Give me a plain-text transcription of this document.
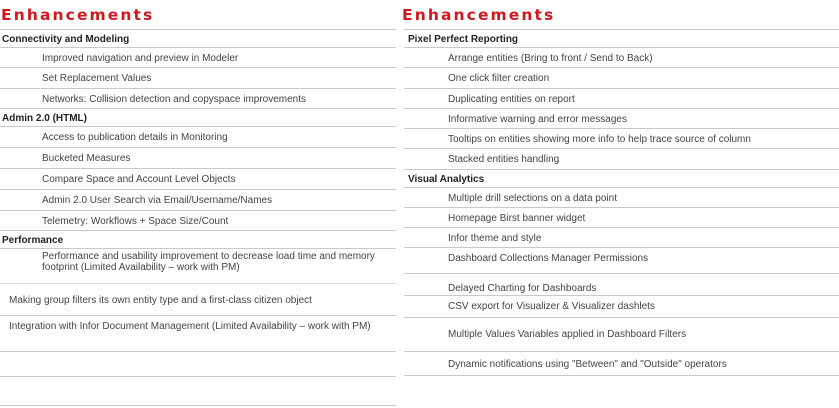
Enhancements
Connectivity and Modeling
Improved navigation and preview in Modeler
Set Replacement Values
Networks: Collision detection and copyspace improvements
Admin 2.0 (HTML)
Access to publication details in Monitoring
Bucketed Measures
Compare Space and Account Level Objects
Admin 2.0 User Search via Email/Username/Names
Telemetry: Workflows + Space Size/Count
Performance
Performance and usability improvement to decrease load time and memory footprint (Limited Availability – work with PM)
Making group filters its own entity type and a first-class citizen object
Integration with Infor Document Management (Limited Availability – work with PM)
Enhancements
Pixel Perfect Reporting
Arrange entities (Bring to front / Send to Back)
One click filter creation
Duplicating entities on report
Informative warning and error messages
Tooltips on entities showing more info to help trace source of column
Stacked entities handling
Visual Analytics
Multiple drill selections on a data point
Homepage Birst banner widget
Infor theme and style
Dashboard Collections Manager Permissions
Delayed Charting for Dashboards
CSV export for Visualizer & Visualizer dashlets
Multiple Values Variables applied in Dashboard Filters
Dynamic notifications using "Between" and "Outside" operators
